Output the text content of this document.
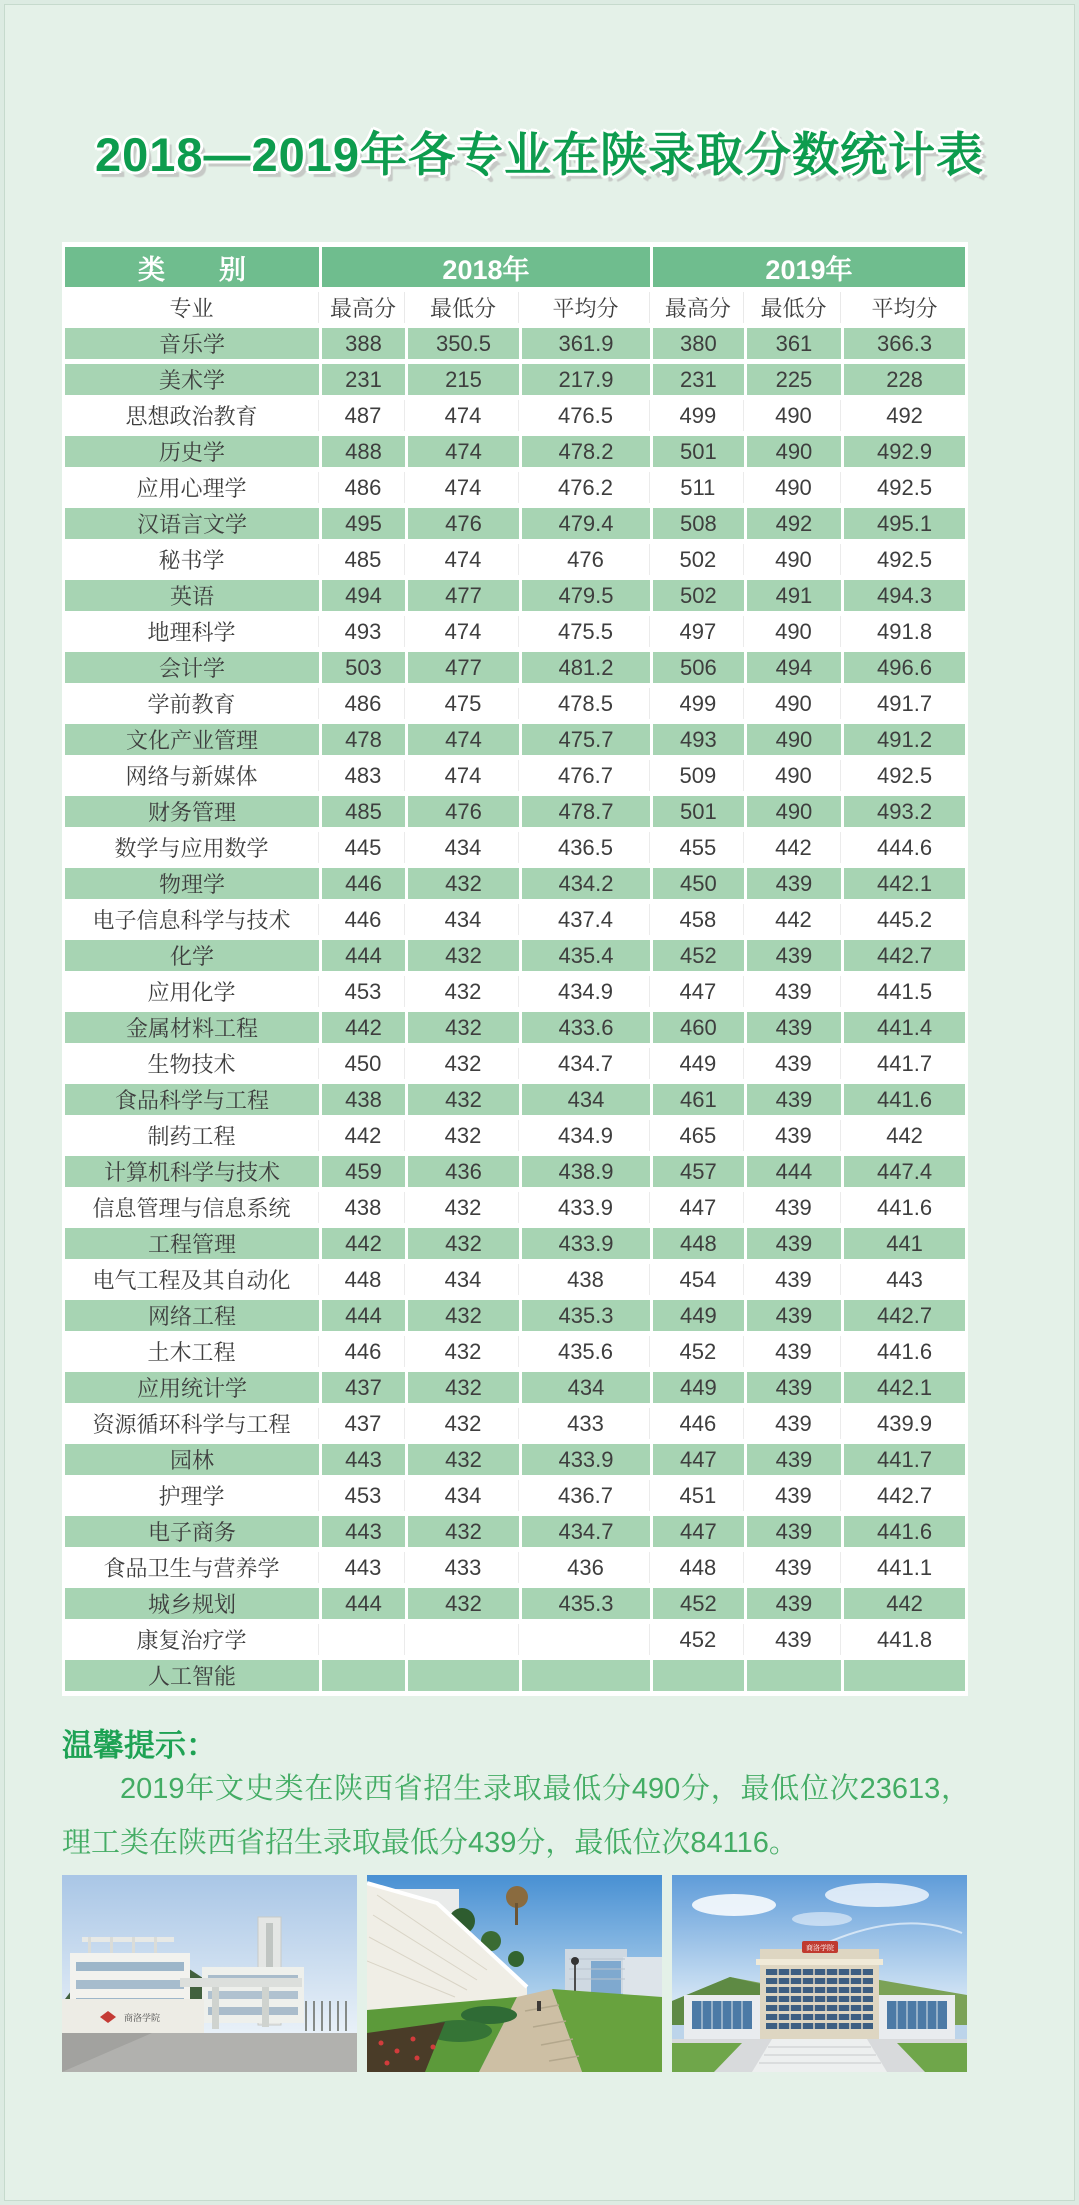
2018—2019年各专业在陕录取分数统计表
类　　别	2018年			2019年		
专业	最高分	最低分	平均分	最高分	最低分	平均分
音乐学	388	350.5	361.9	380	361	366.3
美术学	231	215	217.9	231	225	228
思想政治教育	487	474	476.5	499	490	492
历史学	488	474	478.2	501	490	492.9
应用心理学	486	474	476.2	511	490	492.5
汉语言文学	495	476	479.4	508	492	495.1
秘书学	485	474	476	502	490	492.5
英语	494	477	479.5	502	491	494.3
地理科学	493	474	475.5	497	490	491.8
会计学	503	477	481.2	506	494	496.6
学前教育	486	475	478.5	499	490	491.7
文化产业管理	478	474	475.7	493	490	491.2
网络与新媒体	483	474	476.7	509	490	492.5
财务管理	485	476	478.7	501	490	493.2
数学与应用数学	445	434	436.5	455	442	444.6
物理学	446	432	434.2	450	439	442.1
电子信息科学与技术	446	434	437.4	458	442	445.2
化学	444	432	435.4	452	439	442.7
应用化学	453	432	434.9	447	439	441.5
金属材料工程	442	432	433.6	460	439	441.4
生物技术	450	432	434.7	449	439	441.7
食品科学与工程	438	432	434	461	439	441.6
制药工程	442	432	434.9	465	439	442
计算机科学与技术	459	436	438.9	457	444	447.4
信息管理与信息系统	438	432	433.9	447	439	441.6
工程管理	442	432	433.9	448	439	441
电气工程及其自动化	448	434	438	454	439	443
网络工程	444	432	435.3	449	439	442.7
土木工程	446	432	435.6	452	439	441.6
应用统计学	437	432	434	449	439	442.1
资源循环科学与工程	437	432	433	446	439	439.9
园林	443	432	433.9	447	439	441.7
护理学	453	434	436.7	451	439	442.7
电子商务	443	432	434.7	447	439	441.6
食品卫生与营养学	443	433	436	448	439	441.1
城乡规划	444	432	435.3	452	439	442
康复治疗学				452	439	441.8
人工智能						
温馨提示：

2019年文史类在陕西省招生录取最低分490分，最低位次23613，理工类在陕西省招生录取最低分439分，最低位次84116。

商洛学院
商洛学院
